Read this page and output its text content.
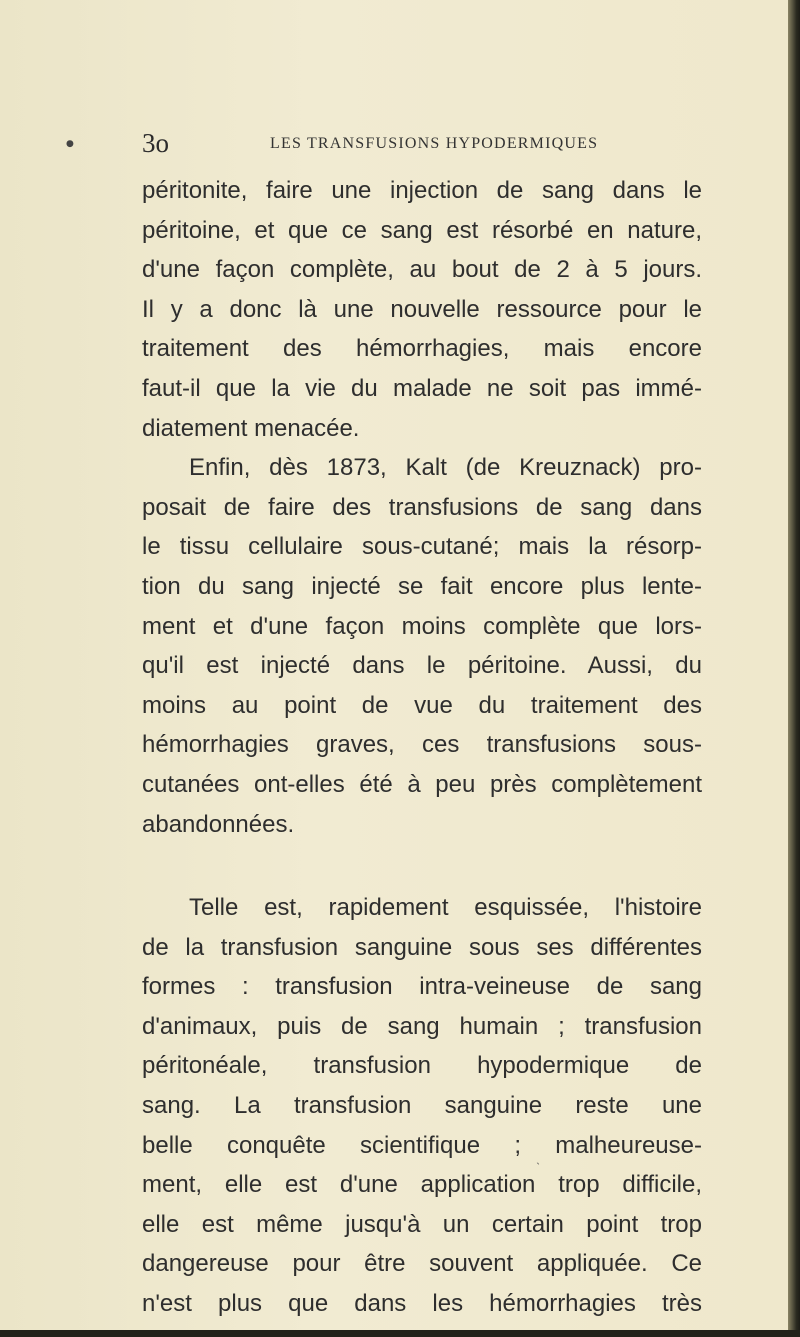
●	3o	LES TRANSFUSIONS HYPODERMIQUES
péritonite, faire une injection de sang dans le
péritoine, et que ce sang est résorbé en nature,
d'une façon complète, au bout de 2 à 5 jours.
Il y a donc là une nouvelle ressource pour le
traitement des hémorrhagies, mais encore
faut-il que la vie du malade ne soit pas immé-
diatement menacée.
Enfin, dès 1873, Kalt (de Kreuznack) pro-
posait de faire des transfusions de sang dans
le tissu cellulaire sous-cutané; mais la résorp-
tion du sang injecté se fait encore plus lente-
ment et d'une façon moins complète que lors-
qu'il est injecté dans le péritoine. Aussi, du
moins au point de vue du traitement des
hémorrhagies graves, ces transfusions sous-
cutanées ont-elles été à peu près complètement
abandonnées.
Telle est, rapidement esquissée, l'histoire
de la transfusion sanguine sous ses différentes
formes : transfusion intra-veineuse de sang
d'animaux, puis de sang humain ; transfusion
péritonéale, transfusion hypodermique de
sang. La transfusion sanguine reste une
belle conquête scientifique ; malheureuse-
ment, elle est d'une application trop difficile,
elle est même jusqu'à un certain point trop
dangereuse pour être souvent appliquée. Ce
n'est plus que dans les hémorrhagies très
˴
